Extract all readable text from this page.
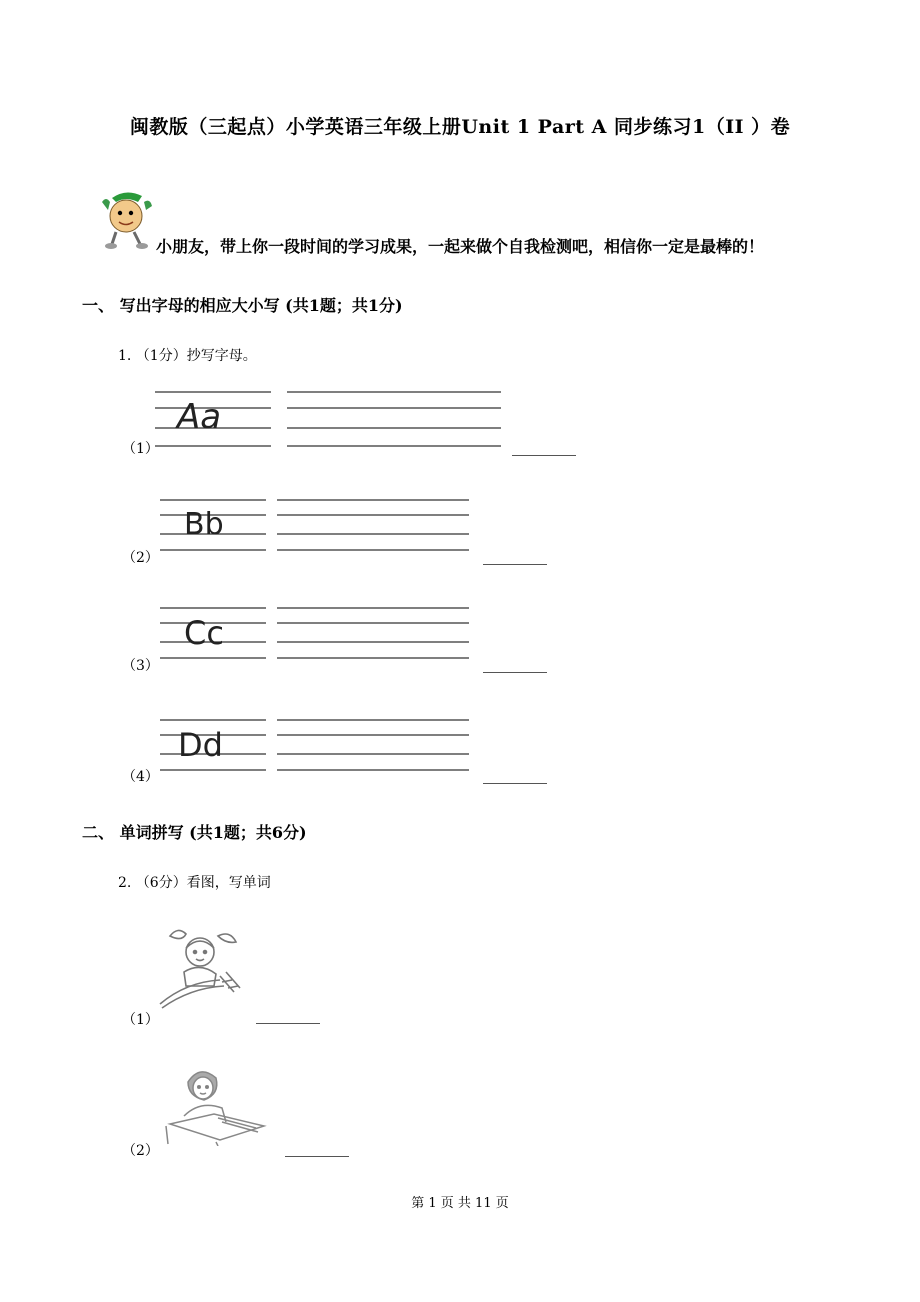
闽教版（三起点）小学英语三年级上册Unit 1 Part A 同步练习1（II ）卷
小朋友，带上你一段时间的学习成果，一起来做个自我检测吧，相信你一定是最棒的！
一、 写出字母的相应大小写 (共1题；共1分)
1. （1分）抄写字母。
Aa
（1）
Bb
（2）
Cc
（3）
Dd
（4）
二、 单词拼写 (共1题；共6分)
2. （6分）看图，写单词
（1）
（2）
第 1 页 共 11 页
